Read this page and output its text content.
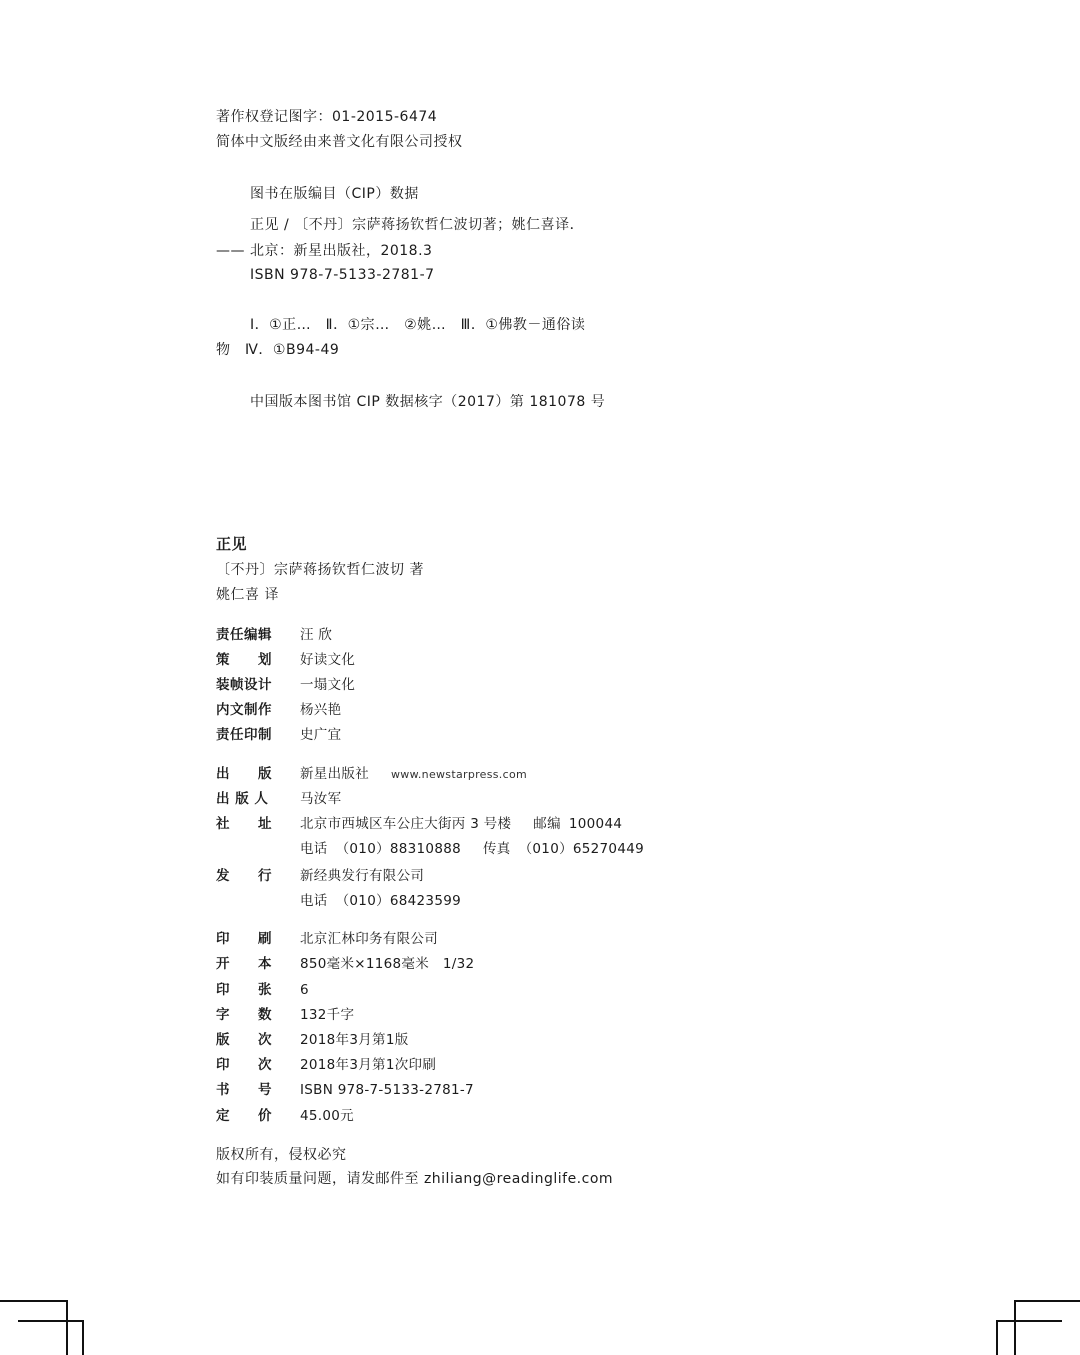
著作权登记图字：01-2015-6474
简体中文版经由来普文化有限公司授权
图书在版编目（CIP）数据
正见 / 〔不丹〕宗萨蒋扬钦哲仁波切著；姚仁喜译．
—— 北京：新星出版社，2018.3
ISBN 978-7-5133-2781-7
Ⅰ．①正…　Ⅱ．①宗…　②姚…　Ⅲ．①佛教－通俗读
物　Ⅳ．①B94-49
中国版本图书馆 CIP 数据核字（2017）第 181078 号
正见
〔不丹〕宗萨蒋扬钦哲仁波切 著
姚仁喜 译
责任编辑 汪 欣
策　　划 好读文化
装帧设计 一塌文化
内文制作 杨兴艳
责任印制 史广宜
出　　版 新星出版社 www.newstarpress.com
出 版 人 马汝军
社　　址 北京市西城区车公庄大街丙 3 号楼 邮编 100044
电话 （010）88310888 传真 （010）65270449
发　　行 新经典发行有限公司
电话 （010）68423599
印　　刷 北京汇林印务有限公司
开　　本 850毫米×1168毫米　1/32
印　　张 6
字　　数 132千字
版　　次 2018年3月第1版
印　　次 2018年3月第1次印刷
书　　号 ISBN 978-7-5133-2781-7
定　　价 45.00元
版权所有，侵权必究
如有印装质量问题，请发邮件至 zhiliang@readinglife.com
